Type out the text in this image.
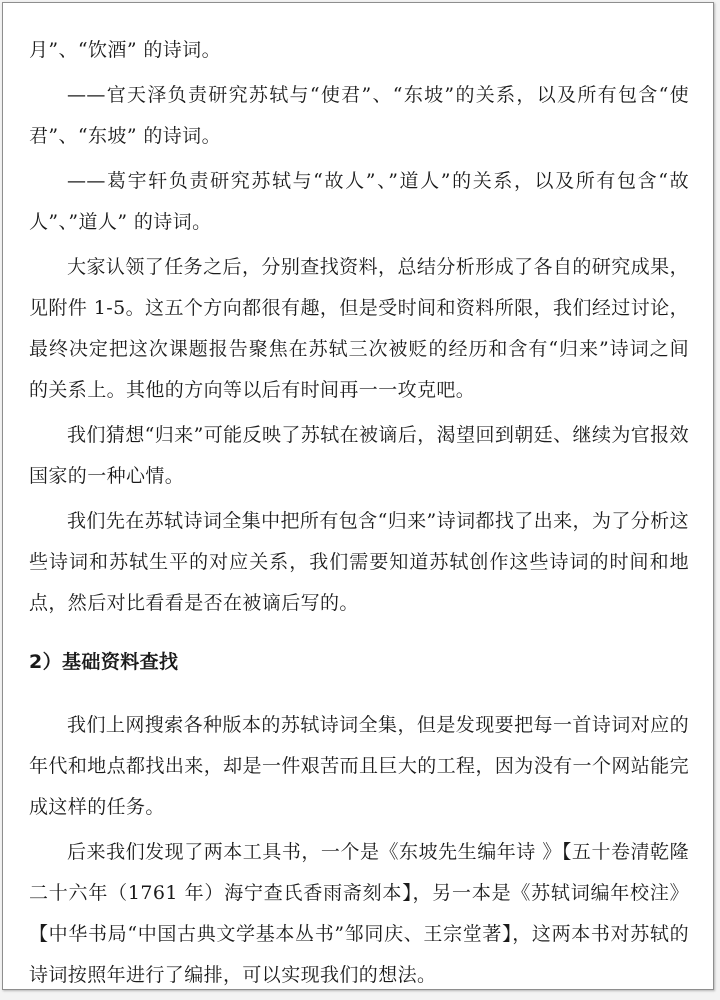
月”、“饮酒” 的诗词。

——官天泽负责研究苏轼与“使君”、“东坡”的关系，以及所有包含“使君”、“东坡” 的诗词。

——葛宇轩负责研究苏轼与“故人”、”道人”的关系，以及所有包含“故人”、”道人” 的诗词。

大家认领了任务之后，分别查找资料，总结分析形成了各自的研究成果，见附件 1-5。这五个方向都很有趣，但是受时间和资料所限，我们经过讨论，最终决定把这次课题报告聚焦在苏轼三次被贬的经历和含有“归来”诗词之间的关系上。其他的方向等以后有时间再一一攻克吧。

我们猜想“归来”可能反映了苏轼在被谪后，渴望回到朝廷、继续为官报效国家的一种心情。

我们先在苏轼诗词全集中把所有包含“归来”诗词都找了出来，为了分析这些诗词和苏轼生平的对应关系，我们需要知道苏轼创作这些诗词的时间和地点，然后对比看看是否在被谪后写的。

2）基础资料查找

我们上网搜索各种版本的苏轼诗词全集，但是发现要把每一首诗词对应的年代和地点都找出来，却是一件艰苦而且巨大的工程，因为没有一个网站能完成这样的任务。

后来我们发现了两本工具书，一个是《东坡先生编年诗 》【五十卷清乾隆二十六年（1761 年）海宁查氏香雨斋刻本】，另一本是《苏轼词编年校注》【中华书局“中国古典文学基本丛书”邹同庆、王宗堂著】，这两本书对苏轼的诗词按照年进行了编排，可以实现我们的想法。
